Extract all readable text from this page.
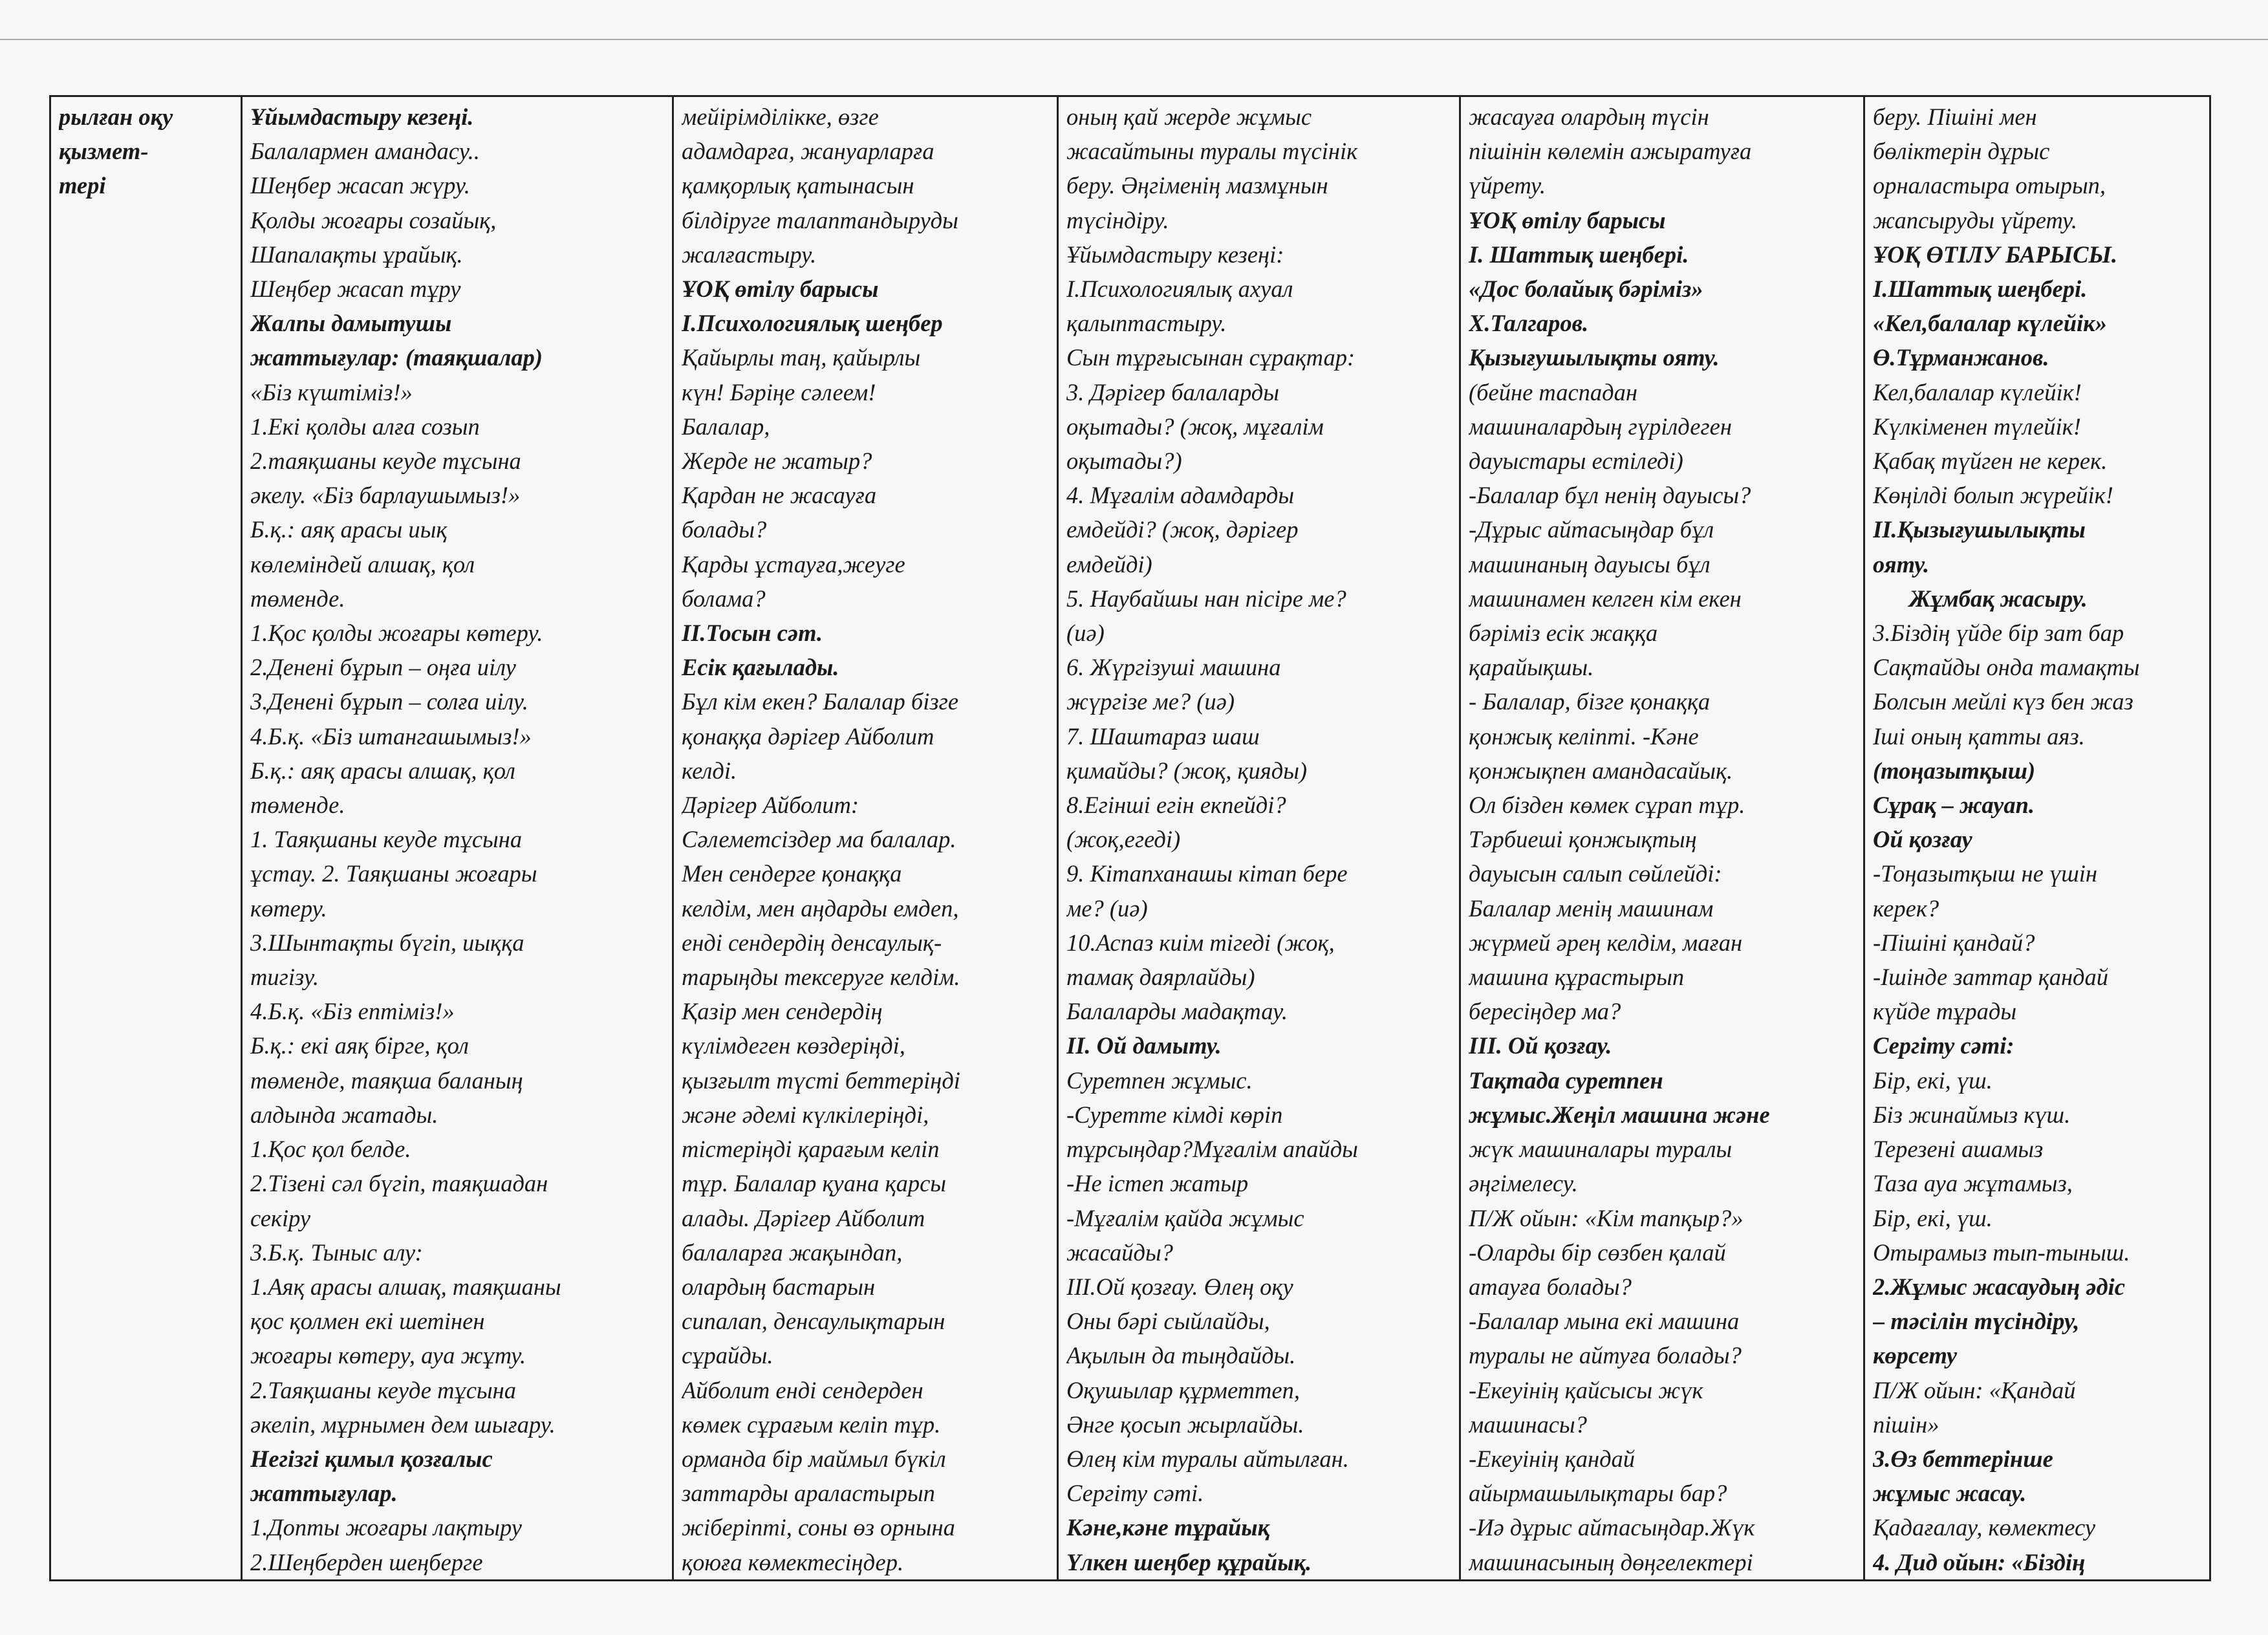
рылған оқу
қызмет-
тері

Ұйымдастыру кезеңі.
Балалармен амандасу..
Шеңбер жасап жүру.
Қолды жоғары созайық,
Шапалақты ұрайық.
Шеңбер жасап тұру
Жалпы дамытушы
жаттығулар: (таяқшалар)
«Біз күштіміз!»
1.Екі қолды алға созып
2.таяқшаны кеуде тұсына
әкелу. «Біз барлаушымыз!»
Б.қ.: аяқ арасы иық
көлеміндей алшақ, қол
төменде.
1.Қос қолды жоғары көтеру.
2.Денені бұрып – оңға иілу
3.Денені бұрып – солға иілу.
4.Б.қ. «Біз штангашымыз!»
Б.қ.: аяқ арасы алшақ, қол
төменде.
1. Таяқшаны кеуде тұсына
ұстау. 2. Таяқшаны жоғары
көтеру.
3.Шынтақты бүгіп, иыққа
тигізу.
4.Б.қ. «Біз ептіміз!»
Б.қ.: екі аяқ бірге, қол
төменде, таяқша баланың
алдында жатады.
1.Қос қол белде.
2.Тізені сәл бүгіп, таяқшадан
секіру
3.Б.қ. Тыныс алу:
1.Аяқ арасы алшақ, таяқшаны
қос қолмен екі шетінен
жоғары көтеру, ауа жұту.
2.Таяқшаны кеуде тұсына
әкеліп, мұрнымен дем шығару.
Негізгі қимыл қозғалыс
жаттығулар.
1.Допты жоғары лақтыру
2.Шеңберден шеңберге

мейірімділікке, өзге
адамдарға, жануарларға
қамқорлық қатынасын
білдіруге талаптандыруды
жалғастыру.
ҰОҚ өтілу барысы
I.Психологиялық шеңбер
Қайырлы таң, қайырлы
күн! Бәріңе сәлеем!
Балалар,
Жерде не жатыр?
Қардан не жасауға
болады?
Қарды ұстауға,жеуге
болама?
II.Тосын сәт.
Есік қағылады.
Бұл кім екен? Балалар бізге
қонаққа дәрігер Айболит
келді.
Дәрігер Айболит:
Сәлеметсіздер ма балалар.
Мен сендерге қонаққа
келдім, мен аңдарды емдеп,
енді сендердің денсаулық-
тарыңды тексеруге келдім.
Қазір мен сендердің
күлімдеген көздеріңді,
қызғылт түсті беттеріңді
және әдемі күлкілеріңді,
тістеріңді қарағым келіп
тұр. Балалар қуана қарсы
алады. Дәрігер Айболит
балаларға жақындап,
олардың бастарын
сипалап, денсаулықтарын
сұрайды.
Айболит енді сендерден
көмек сұрағым келіп тұр.
орманда бір маймыл бүкіл
заттарды араластырып
жіберіпті, соны өз орнына
қоюға көмектесіңдер.

оның қай жерде жұмыс
жасайтыны туралы түсінік
беру. Әңгіменің мазмұнын
түсіндіру.
Ұйымдастыру кезеңі:
I.Психологиялық ахуал
қалыптастыру.
Сын тұрғысынан сұрақтар:
3. Дәрігер балаларды
оқытады? (жоқ, мұғалім
оқытады?)
4. Мұғалім адамдарды
емдейді? (жоқ, дәрігер
емдейді)
5. Наубайшы нан пісіре ме?
(иә)
6. Жүргізуші машина
жүргізе ме? (иә)
7. Шаштараз шаш
қимайды? (жоқ, қияды)
8.Егінші егін екпейді?
(жоқ,егеді)
9. Кітапханашы кітап бере
ме? (иә)
10.Аспаз киім тігеді (жоқ,
тамақ даярлайды)
Балаларды мадақтау.
II. Ой дамыту.
Суретпен жұмыс.
-Суретте кімді көріп
тұрсыңдар?Мұғалім апайды
-Не істеп жатыр
-Мұғалім қайда жұмыс
жасайды?
III.Ой қозғау. Өлең оқу
Оны бәрі сыйлайды,
Ақылын да тыңдайды.
Оқушылар құрметтеп,
Әнге қосып жырлайды.
Өлең кім туралы айтылған.
Сергіту сәті.
Кәне,кәне тұрайық
Үлкен шеңбер құрайық.

жасауға олардың түсін
пішінін көлемін ажыратуға
үйрету.
ҰОҚ өтілу барысы
I. Шаттық шеңбері.
«Дос болайық бәріміз»
Х.Талгаров.
Қызығушылықты ояту.
(бейне таспадан
машиналардың гүрілдеген
дауыстары естіледі)
-Балалар бұл ненің дауысы?
-Дұрыс айтасыңдар бұл
машинаның дауысы бұл
машинамен келген кім екен
бәріміз есік жаққа
қарайықшы.
- Балалар, бізге қонаққа
қонжық келіпті. -Кәне
қонжықпен амандасайық.
Ол бізден көмек сұрап тұр.
Тәрбиеші қонжықтың
дауысын салып сөйлейді:
Балалар менің машинам
жүрмей әрең келдім, маған
машина құрастырып
бересіңдер ма?
III. Ой қозғау.
Тақтада суретпен
жұмыс.Жеңіл машина және
жүк машиналары туралы
әңгімелесу.
П/Ж ойын: «Кім тапқыр?»
-Оларды бір сөзбен қалай
атауға болады?
-Балалар мына екі машина
туралы не айтуға болады?
-Екеуінің қайсысы жүк
машинасы?
-Екеуінің қандай
айырмашылықтары бар?
-Иә дұрыс айтасыңдар.Жүк
машинасының дөңгелектері

беру. Пішіні мен
бөліктерін дұрыс
орналастыра отырып,
жапсыруды үйрету.
ҰОҚ ӨТІЛУ БАРЫСЫ.
I.Шаттық шеңбері.
«Кел,балалар күлейік»
Ө.Тұрманжанов.
Кел,балалар күлейік!
Күлкіменен түлейік!
Қабақ түйген не керек.
Көңілді болып жүрейік!
II.Қызығушылықты
ояту.
Жұмбақ жасыру.
3.Біздің үйде бір зат бар
Сақтайды онда тамақты
Болсын мейлі күз бен жаз
Іші оның қатты аяз.
(тоңазытқыш)
Сұрақ – жауап.
Ой қозғау
-Тоңазытқыш не үшін
керек?
-Пішіні қандай?
-Ішінде заттар қандай
күйде тұрады
Сергіту сәті:
Бір, екі, үш.
Біз жинаймыз күш.
Терезені ашамыз
Таза ауа жұтамыз,
Бір, екі, үш.
Отырамыз тып-тыныш.
2.Жұмыс жасаудың әдіс
– тәсілін түсіндіру,
көрсету
П/Ж ойын: «Қандай
пішін»
3.Өз беттерінше
жұмыс жасау.
Қадағалау, көмектесу
4. Дид ойын: «Біздің
